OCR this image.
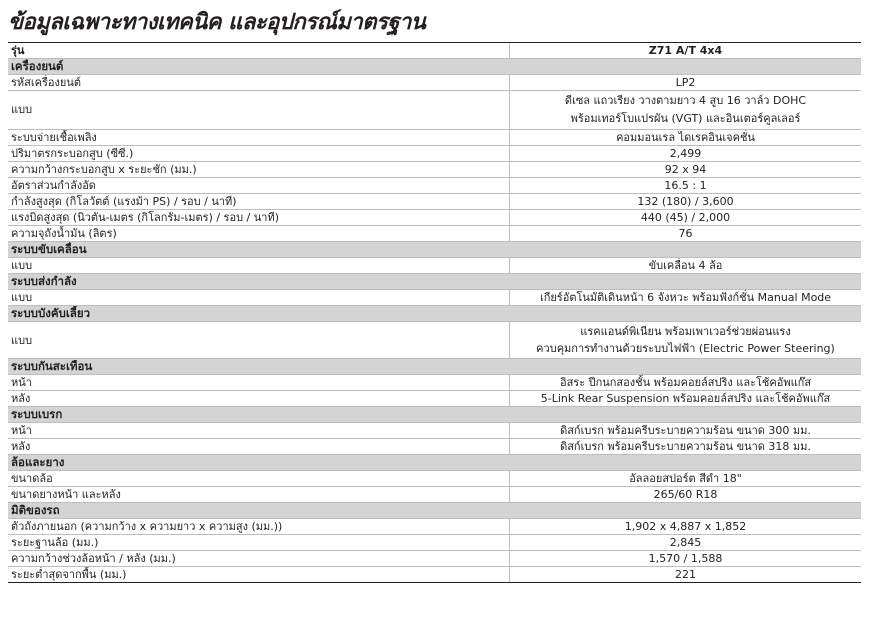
ข้อมูลเฉพาะทางเทคนิค และอุปกรณ์มาตรฐาน
รุ่น	Z71 A/T 4x4
เครื่องยนต์	
รหัสเครื่องยนต์	LP2

แบบ	ดีเซล แถวเรียง วางตามยาว 4 สูบ 16 วาล์ว DOHC
พร้อมเทอร์โบแปรผัน (VGT) และอินเตอร์คูลเลอร์

ระบบจ่ายเชื้อเพลิง	คอมมอนเรล ไดเรคอินเจคชั่น

ปริมาตรกระบอกสูบ (ซีซี.)	2,499

ความกว้างกระบอกสูบ x ระยะชัก (มม.)	92 x 94

อัตราส่วนกำลังอัด	16.5 : 1

กำลังสูงสุด (กิโลวัตต์ (แรงม้า PS) / รอบ / นาที)	132 (180) / 3,600

แรงบิดสูงสุด (นิวตัน-เมตร (กิโลกรัม-เมตร) / รอบ / นาที)	440 (45) / 2,000

ความจุถังน้ำมัน (ลิตร)	76

ระบบขับเคลื่อน	
แบบ	ขับเคลื่อน 4 ล้อ

ระบบส่งกำลัง	
แบบ	เกียร์อัตโนมัติเดินหน้า 6 จังหวะ พร้อมฟังก์ชั่น Manual Mode

ระบบบังคับเลี้ยว	
แบบ	แรคแอนด์พิเนียน พร้อมเพาเวอร์ช่วยผ่อนแรง
ควบคุมการทำงานด้วยระบบไฟฟ้า (Electric Power Steering)

ระบบกันสะเทือน	
หน้า	อิสระ ปีกนกสองชั้น พร้อมคอยล์สปริง และโช้คอัพแก๊ส

หลัง	5-Link Rear Suspension พร้อมคอยล์สปริง และโช้คอัพแก๊ส

ระบบเบรก	
หน้า	ดิสก์เบรก พร้อมครีบระบายความร้อน ขนาด 300 มม.

หลัง	ดิสก์เบรก พร้อมครีบระบายความร้อน ขนาด 318 มม.

ล้อและยาง	
ขนาดล้อ	อัลลอยสปอร์ต สีดำ 18"

ขนาดยางหน้า และหลัง	265/60 R18

มิติของรถ	
ตัวถังภายนอก (ความกว้าง x ความยาว x ความสูง (มม.))	1,902 x 4,887 x 1,852

ระยะฐานล้อ (มม.)	2,845

ความกว้างช่วงล้อหน้า / หลัง (มม.)	1,570 / 1,588

ระยะต่ำสุดจากพื้น (มม.)	221
